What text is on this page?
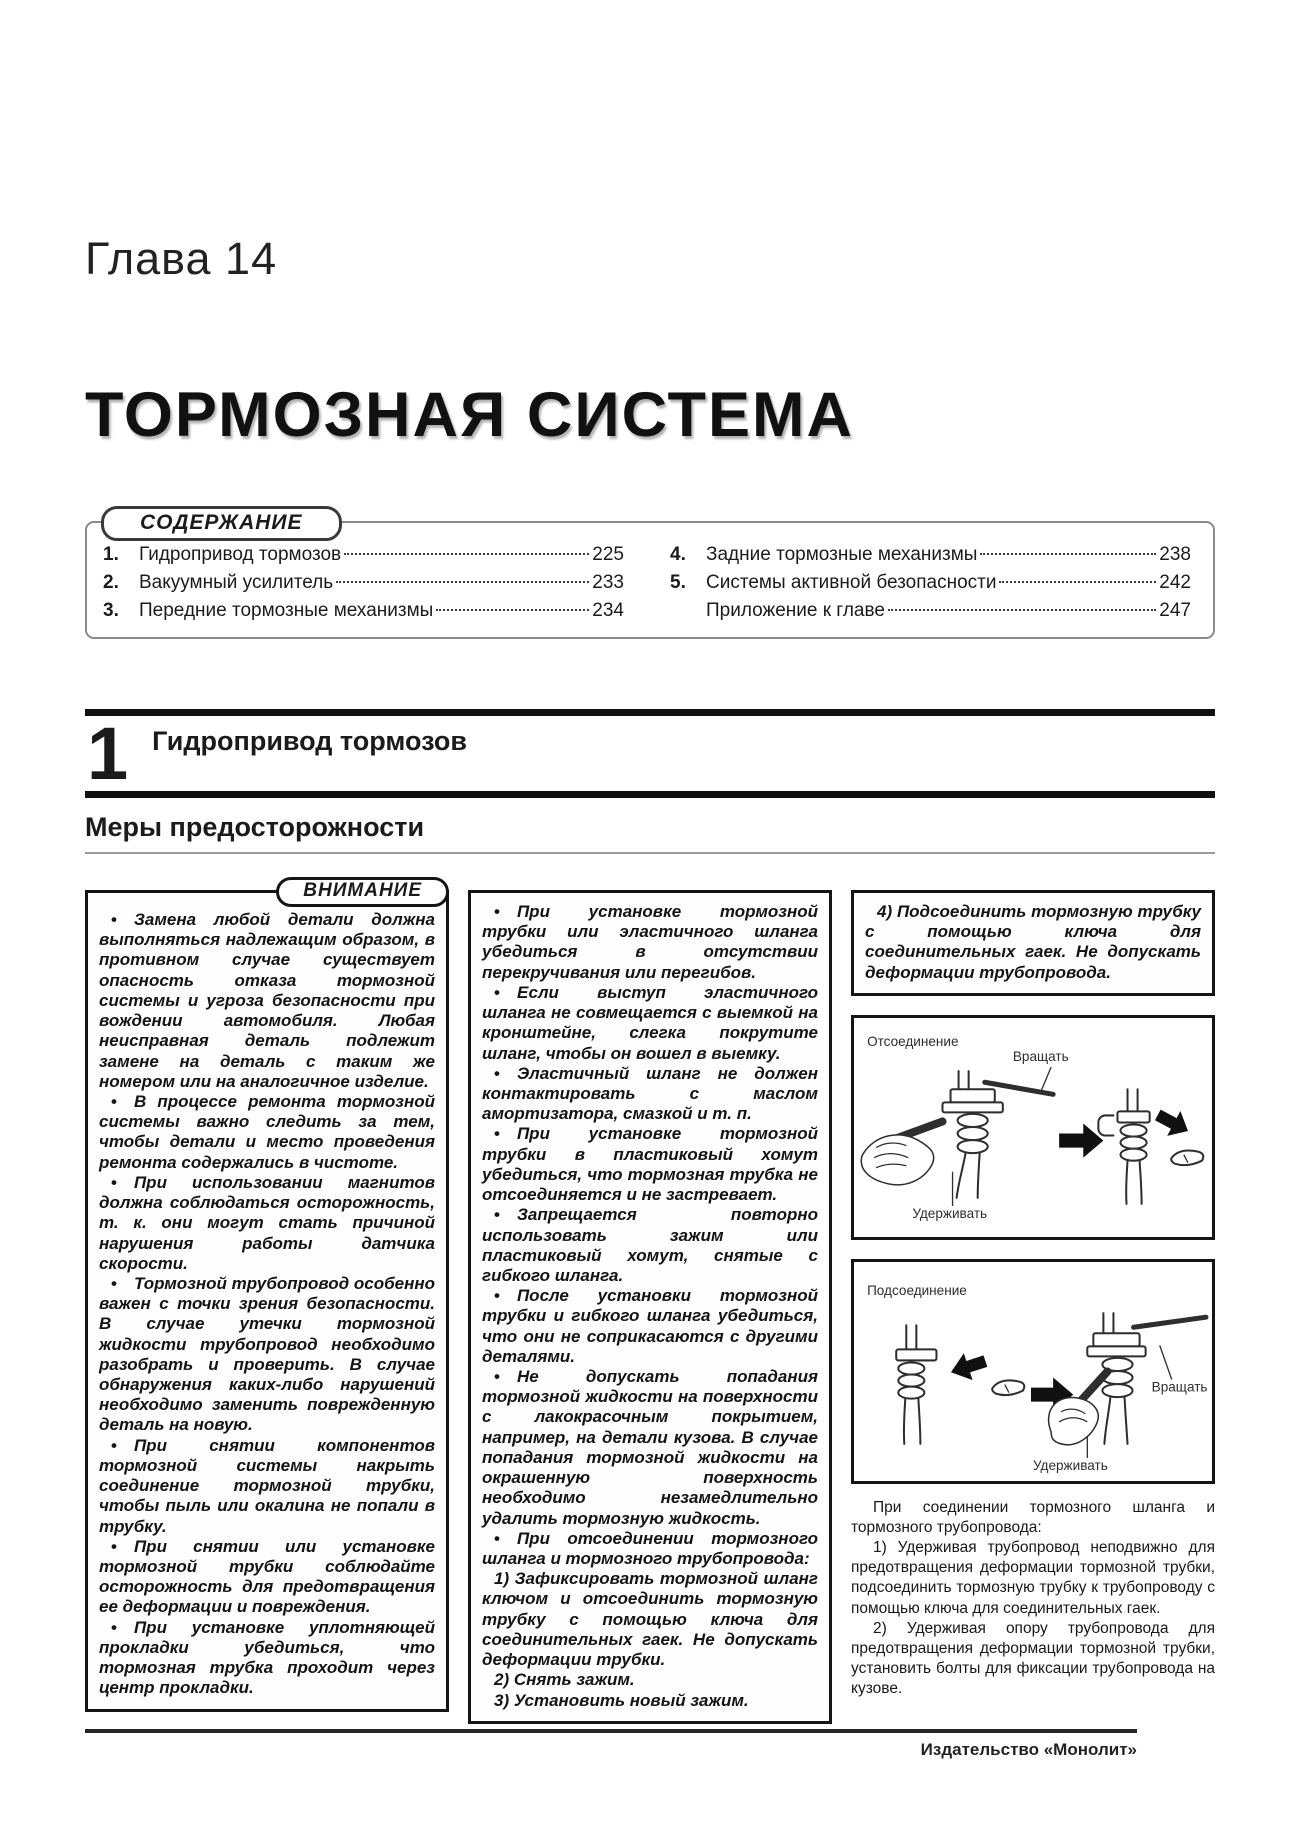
Глава 14
ТОРМОЗНАЯ СИСТЕМА
СОДЕРЖАНИЕ
1.	Гидропривод тормозов	225
2.	Вакуумный усилитель	233
3.	Передние тормозные механизмы	234
4.	Задние тормозные механизмы	238
5.	Системы активной безопасности	242
Приложение к главе	247
1 Гидропривод тормозов
Меры предосторожности
ВНИМАНИЕ

• Замена любой детали должна выполняться надлежащим образом, в противном случае существует опасность отказа тормозной системы и угроза безопасности при вождении автомобиля. Любая неисправная деталь подлежит замене на деталь с таким же номером или на аналогичное изделие.

• В процессе ремонта тормозной системы важно следить за тем, чтобы детали и место проведения ремонта содержались в чистоте.

• При использовании магнитов должна соблюдаться осторожность, т. к. они могут стать причиной нарушения работы датчика скорости.

• Тормозной трубопровод особенно важен с точки зрения безопасности. В случае утечки тормозной жидкости трубопровод необходимо разобрать и проверить. В случае обнаружения каких-либо нарушений необходимо заменить поврежденную деталь на новую.

• При снятии компонентов тормозной системы накрыть соединение тормозной трубки, чтобы пыль или окалина не попали в трубку.

• При снятии или установке тормозной трубки соблюдайте осторожность для предотвращения ее деформации и повреждения.

• При установке уплотняющей прокладки убедиться, что тормозная трубка проходит через центр прокладки.

• При установке тормозной трубки или эластичного шланга убедиться в отсутствии перекручивания или перегибов.

• Если выступ эластичного шланга не совмещается с выемкой на кронштейне, слегка покрутите шланг, чтобы он вошел в выемку.

• Эластичный шланг не должен контактировать с маслом амортизатора, смазкой и т. п.

• При установке тормозной трубки в пластиковый хомут убедиться, что тормозная трубка не отсоединяется и не застревает.

• Запрещается повторно использовать зажим или пластиковый хомут, снятые с гибкого шланга.

• После установки тормозной трубки и гибкого шланга убедиться, что они не соприкасаются с другими деталями.

• Не допускать попадания тормозной жидкости на поверхности с лакокрасочным покрытием, например, на детали кузова. В случае попадания тормозной жидкости на окрашенную поверхность необходимо незамедлительно удалить тормозную жидкость.

• При отсоединении тормозного шланга и тормозного трубопровода:

1) Зафиксировать тормозной шланг ключом и отсоединить тормозную трубку с помощью ключа для соединительных гаек. Не допускать деформации трубки.

2) Снять зажим.

3) Установить новый зажим.

4) Подсоединить тормозную трубку с помощью ключа для соединительных гаек. Не допускать деформации трубопровода.

Отсоединение
Вращать
Удерживать
Подсоединение
Вращать
Удерживать

При соединении тормозного шланга и тормозного трубопровода:

1) Удерживая трубопровод неподвижно для предотвращения деформации тормозной трубки, подсоединить тормозную трубку к трубопроводу с помощью ключа для соединительных гаек.

2) Удерживая опору трубопровода для предотвращения деформации тормозной трубки, установить болты для фиксации трубопровода на кузове.

Издательство «Монолит»
